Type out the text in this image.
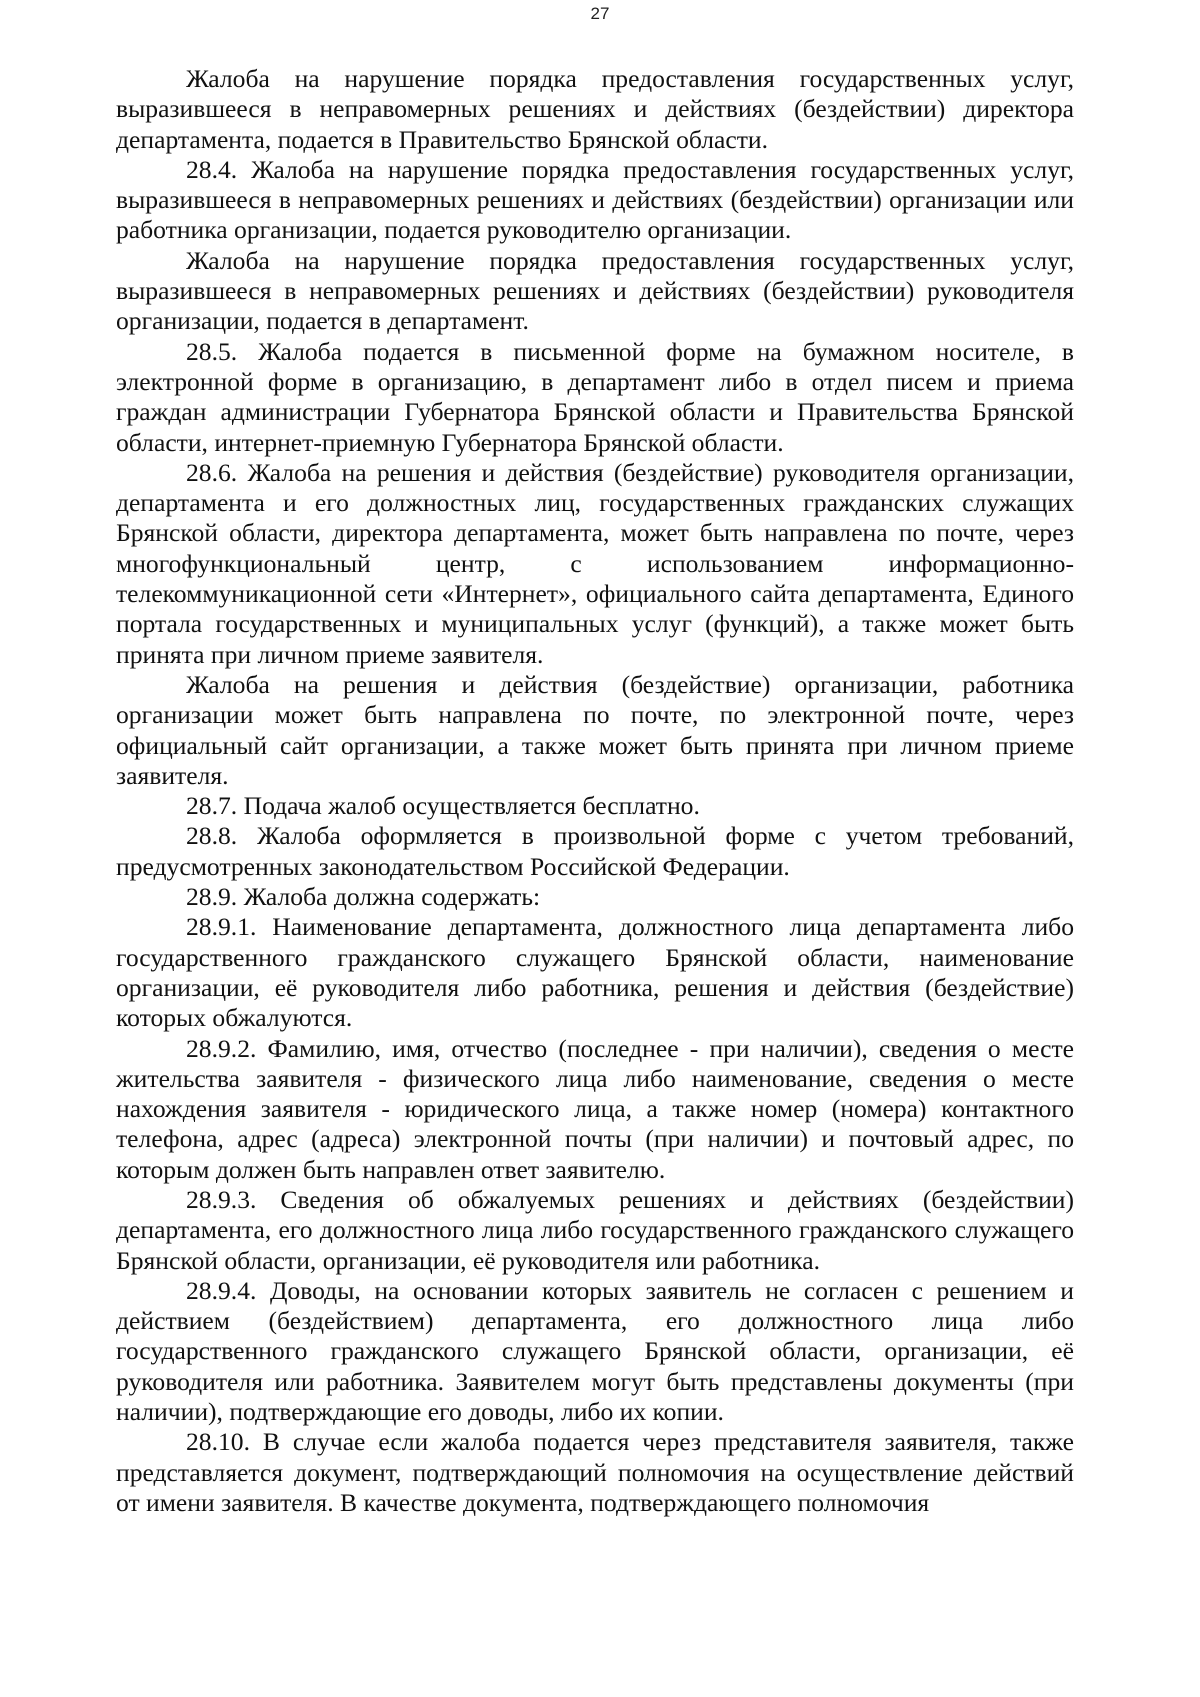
27

Жалоба на нарушение порядка предоставления государственных услуг, выразившееся в неправомерных решениях и действиях (бездействии) директора департамента, подается в Правительство Брянской области.

28.4. Жалоба на нарушение порядка предоставления государственных услуг, выразившееся в неправомерных решениях и действиях (бездействии) организации или работника организации, подается руководителю организации.

Жалоба на нарушение порядка предоставления государственных услуг, выразившееся в неправомерных решениях и действиях (бездействии) руководителя организации, подается в департамент.

28.5. Жалоба подается в письменной форме на бумажном носителе, в электронной форме в организацию, в департамент либо в отдел писем и приема граждан администрации Губернатора Брянской области и Правительства Брянской области, интернет-приемную Губернатора Брянской области.

28.6. Жалоба на решения и действия (бездействие) руководителя организации, департамента и его должностных лиц, государственных гражданских служащих Брянской области, директора департамента, может быть направлена по почте, через многофункциональный центр, с использованием информационно-телекоммуникационной сети «Интернет», официального сайта департамента, Единого портала государственных и муниципальных услуг (функций), а также может быть принята при личном приеме заявителя.

Жалоба на решения и действия (бездействие) организации, работника организации может быть направлена по почте, по электронной почте, через официальный сайт организации, а также может быть принята при личном приеме заявителя.

28.7. Подача жалоб осуществляется бесплатно.

28.8. Жалоба оформляется в произвольной форме с учетом требований, предусмотренных законодательством Российской Федерации.

28.9. Жалоба должна содержать:

28.9.1. Наименование департамента, должностного лица департамента либо государственного гражданского служащего Брянской области, наименование организации, её руководителя либо работника, решения и действия (бездействие) которых обжалуются.

28.9.2. Фамилию, имя, отчество (последнее - при наличии), сведения о месте жительства заявителя - физического лица либо наименование, сведения о месте нахождения заявителя - юридического лица, а также номер (номера) контактного телефона, адрес (адреса) электронной почты (при наличии) и почтовый адрес, по которым должен быть направлен ответ заявителю.

28.9.3. Сведения об обжалуемых решениях и действиях (бездействии) департамента, его должностного лица либо государственного гражданского служащего Брянской области, организации, её руководителя или работника.

28.9.4. Доводы, на основании которых заявитель не согласен с решением и действием (бездействием) департамента, его должностного лица либо государственного гражданского служащего Брянской области, организации, её руководителя или работника. Заявителем могут быть представлены документы (при наличии), подтверждающие его доводы, либо их копии.

28.10. В случае если жалоба подается через представителя заявителя, также представляется документ, подтверждающий полномочия на осуществление действий от имени заявителя. В качестве документа, подтверждающего полномочия
